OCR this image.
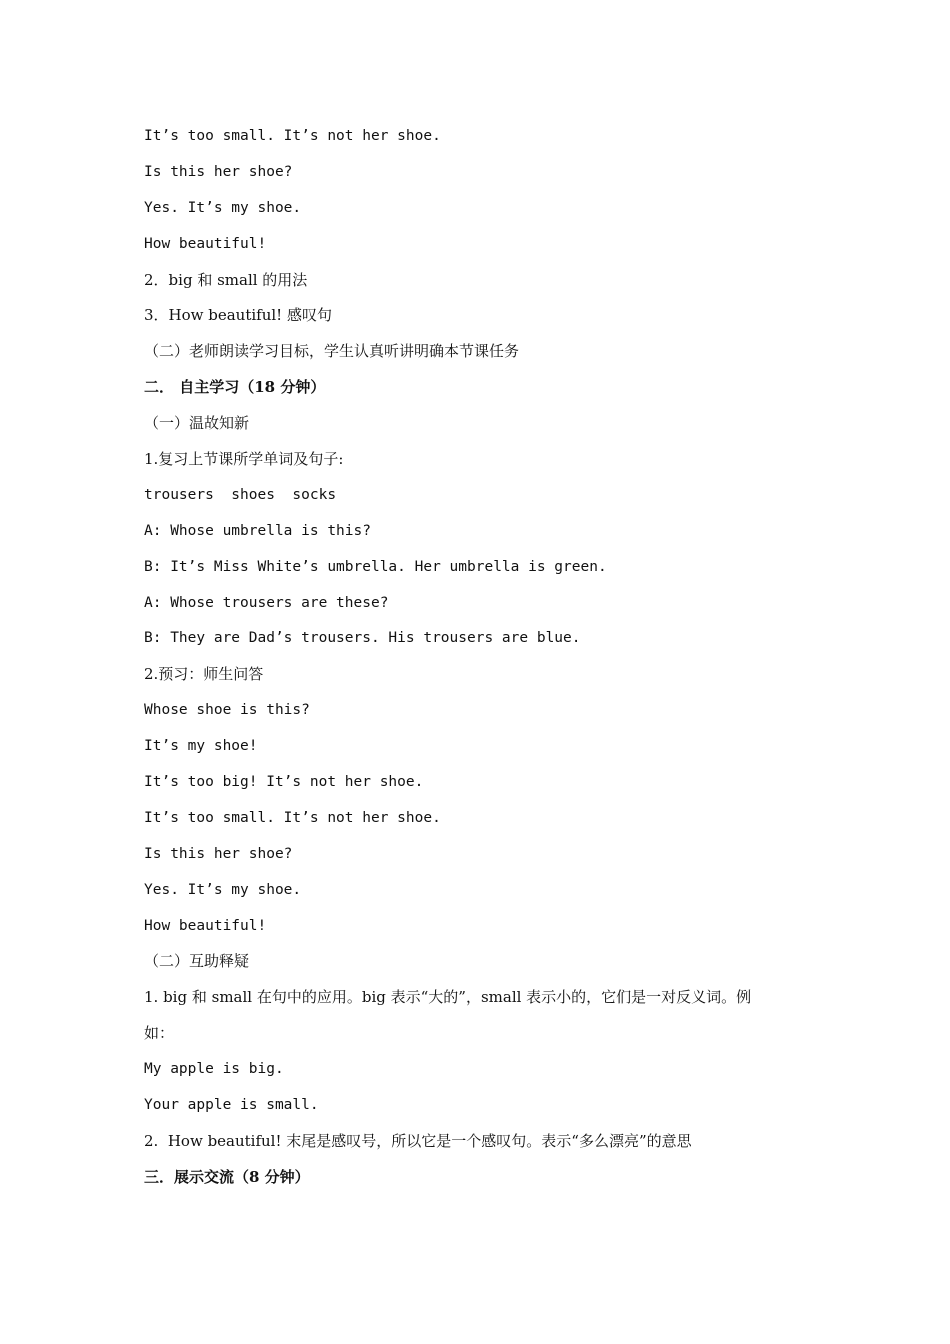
It’s too small. It’s not her shoe.
Is this her shoe?
Yes. It’s my shoe.
How beautiful!
2．big 和 small 的用法
3．How beautiful! 感叹句
（二）老师朗读学习目标，学生认真听讲明确本节课任务
二． 自主学习（18 分钟）
（一）温故知新
1.复习上节课所学单词及句子:
trousers  shoes  socks
A: Whose umbrella is this?
B: It’s Miss White’s umbrella. Her umbrella is green.
A: Whose trousers are these?
B: They are Dad’s trousers. His trousers are blue.
2.预习：师生问答
Whose shoe is this?
It’s my shoe!
It’s too big! It’s not her shoe.
It’s too small. It’s not her shoe.
Is this her shoe?
Yes. It’s my shoe.
How beautiful!
（二）互助释疑
1. big 和 small 在句中的应用。big 表示“大的”，small 表示小的，它们是一对反义词。例
如：
My apple is big.
Your apple is small.
2.  How beautiful! 末尾是感叹号，所以它是一个感叹句。表示“多么漂亮”的意思
三．展示交流（8 分钟）
